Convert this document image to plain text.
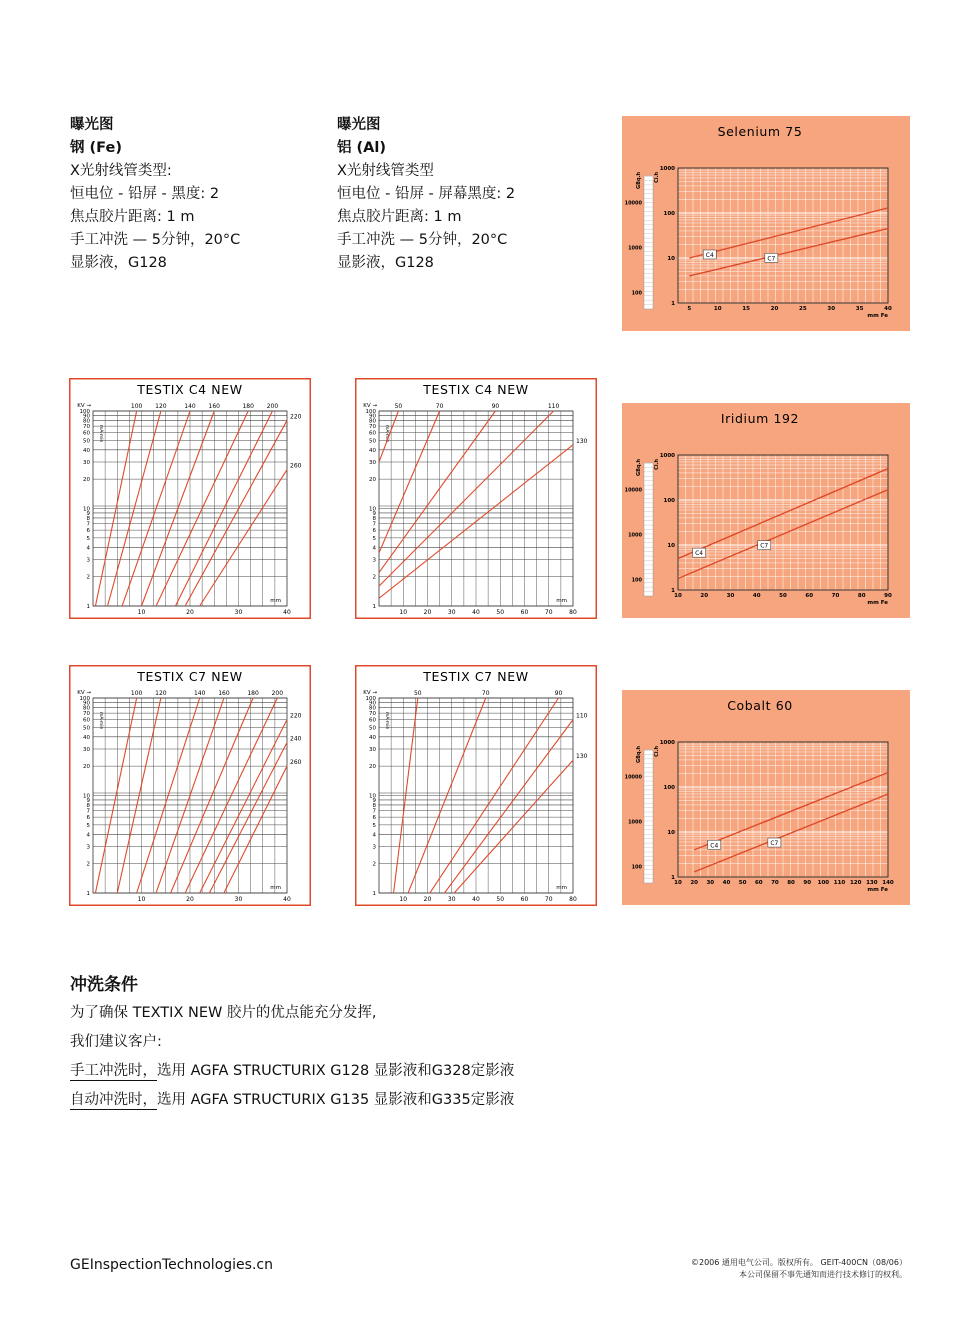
曝光图
钢 (Fe)
X光射线管类型:
恒电位 - 铅屏 - 黑度: 2
焦点胶片距离: 1 m
手工冲洗 — 5分钟，20°C
显影液，G128
曝光图
铝 (Al)
X光射线管类型
恒电位 - 铅屏 - 屏幕黑度: 2
焦点胶片距离: 1 m
手工冲洗 — 5分钟，20°C
显影液，G128
TESTIX C4 NEW
1
2
3
4
5
6
7
8
9
10
20
30
40
50
60
70
80
90
100
10	20	30	40
mm
KV →
mA·min
100 120	140 160	180 200
220
260
TESTIX C4 NEW
1
2
3
4
5
6
7
8
9
10
20
30
40
50
60
70
80
90
100
10	20	30	40	50	60	70	80
mm
KV →
mA·min
50	70	90	110
130
TESTIX C7 NEW
1
2
3
4
5
6
7
8
9
10
20
30
40
50
60
70
80
90
100
10	20	30	40
mm
KV →
mA·min
100 120	140 160	180 200
220
240
260
TESTIX C7 NEW
1
2
3
4
5
6
7
8
9
10
20
30
40
50
60
70
80
90
100
10	20	30	40	50	60	70	80
mm
KV →
mA·min
50	70	90
110
130
Selenium 75
1
10
100
1000
100
1000
10000
GBq.h Ci.h
5	10	15	20	25	30	35	40
mm Fe
C4	C7
Iridium 192
1
10
100
1000
100
1000
10000
GBq.h Ci.h
10	20	30	40	50	60	70	80	90
mm Fe
C4
C7
Cobalt 60
1
10
100
1000
100
1000
10000
GBq.h Ci.h
10 20 30 40 50 60 70 80 90 100 110 120 130 140
mm Fe
C4	C7
冲洗条件
为了确保 TEXTIX NEW 胶片的优点能充分发挥,
我们建议客户:
手工冲洗时，选用 AGFA STRUCTURIX G128 显影液和G328定影液
自动冲洗时，选用 AGFA STRUCTURIX G135 显影液和G335定影液
GEInspectionTechnologies.cn	©2006 通用电气公司。版权所有。 GEIT-400CN（08/06）
本公司保留不事先通知而进行技术修订的权利。
